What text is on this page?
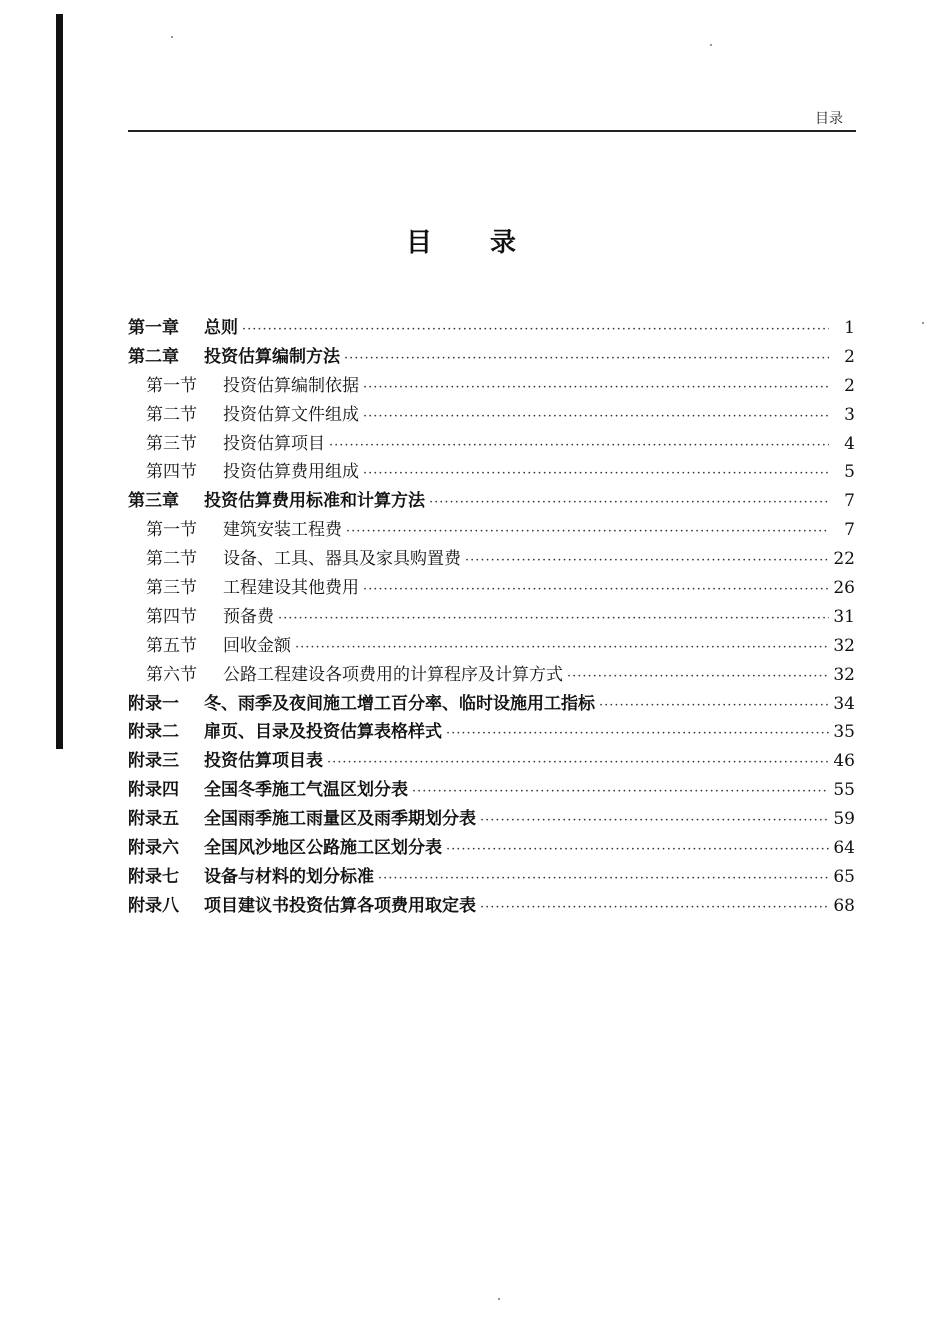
目录
目录
第一章	总则 ·····	1
第二章	投资估算编制方法 ·····	2
第一节	投资估算编制依据 ·····	2
第二节	投资估算文件组成 ·····	3
第三节	投资估算项目 ·····	4
第四节	投资估算费用组成 ·····	5
第三章	投资估算费用标准和计算方法 ·····	7
第一节	建筑安装工程费 ·····	7
第二节	设备、工具、器具及家具购置费 ·····	22
第三节	工程建设其他费用 ·····	26
第四节	预备费 ·····	31
第五节	回收金额 ·····	32
第六节	公路工程建设各项费用的计算程序及计算方式 ·····	32
附录一	冬、雨季及夜间施工增工百分率、临时设施用工指标 ·····	34
附录二	扉页、目录及投资估算表格样式 ·····	35
附录三	投资估算项目表 ·····	46
附录四	全国冬季施工气温区划分表 ·····	55
附录五	全国雨季施工雨量区及雨季期划分表 ·····	59
附录六	全国风沙地区公路施工区划分表 ·····	64
附录七	设备与材料的划分标准 ·····	65
附录八	项目建议书投资估算各项费用取定表 ·····	68
